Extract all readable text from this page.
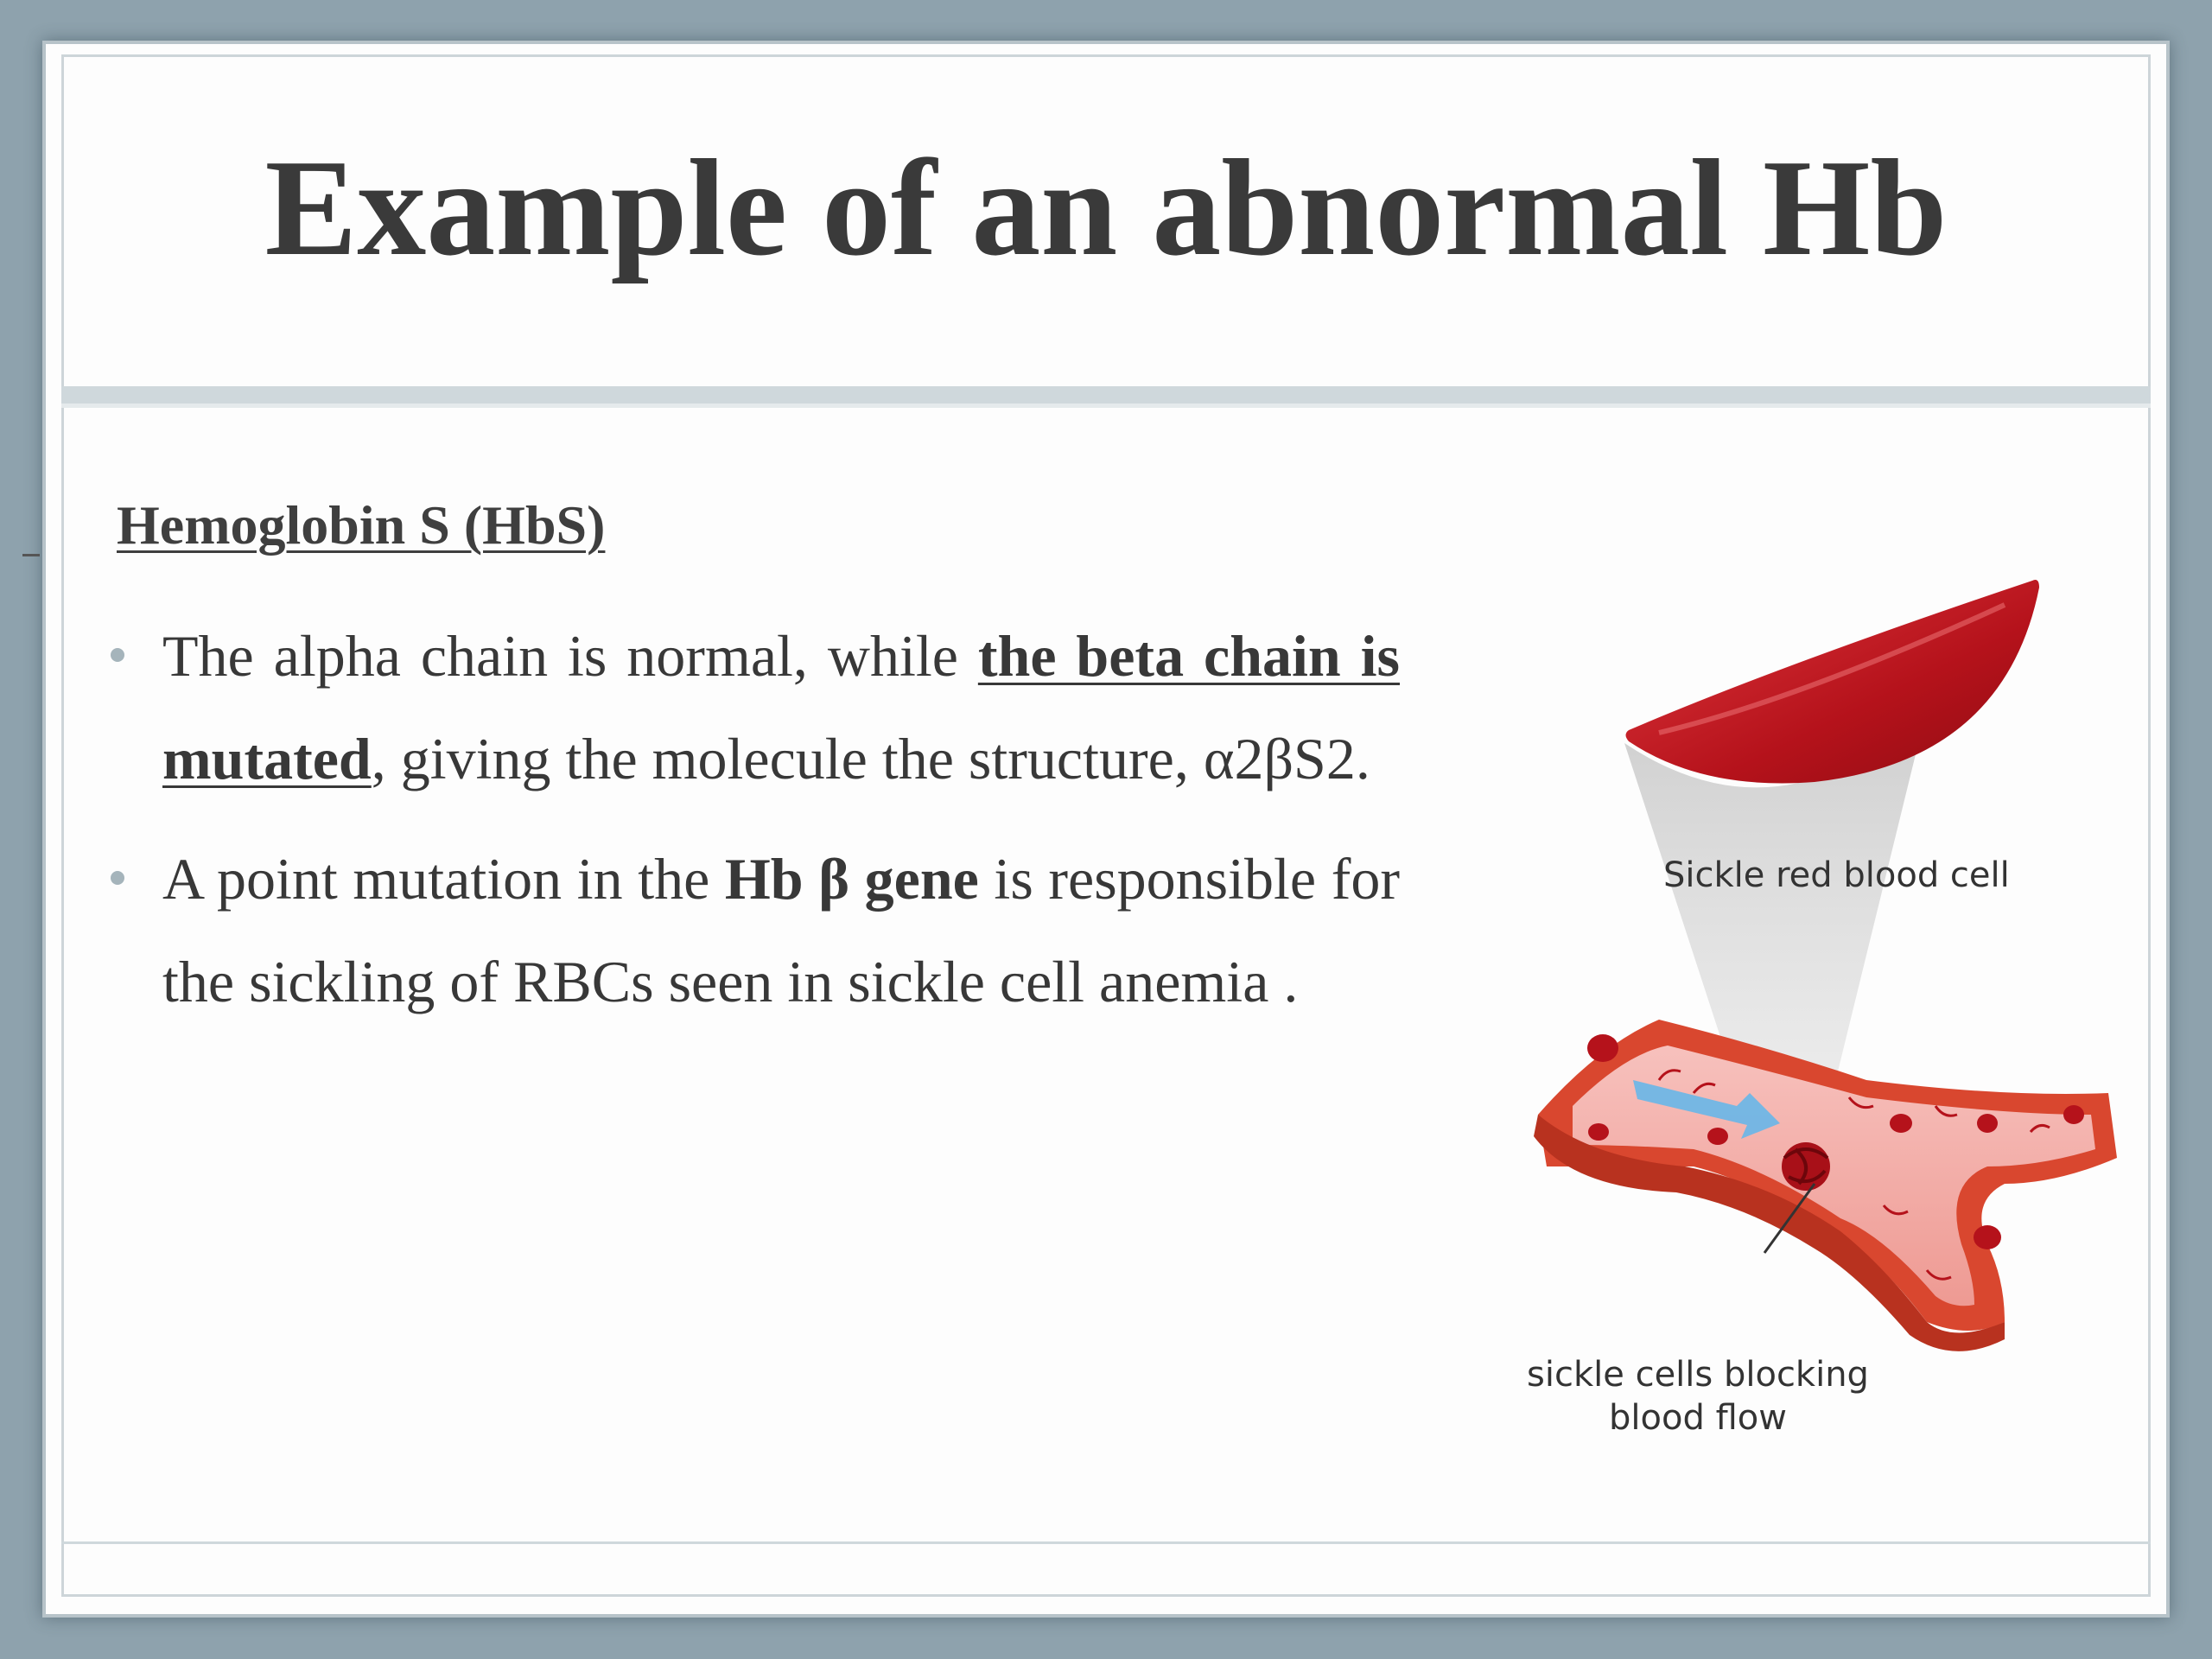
Example of an abnormal Hb

Hemoglobin S (HbS)

The alpha chain is normal, while the beta chain is mutated, giving the molecule the structure, α2βS2.
A point mutation in the Hb β gene is responsible for the sickling of RBCs seen in sickle cell anemia .
Sickle red blood cell
sickle cells blocking
blood flow
